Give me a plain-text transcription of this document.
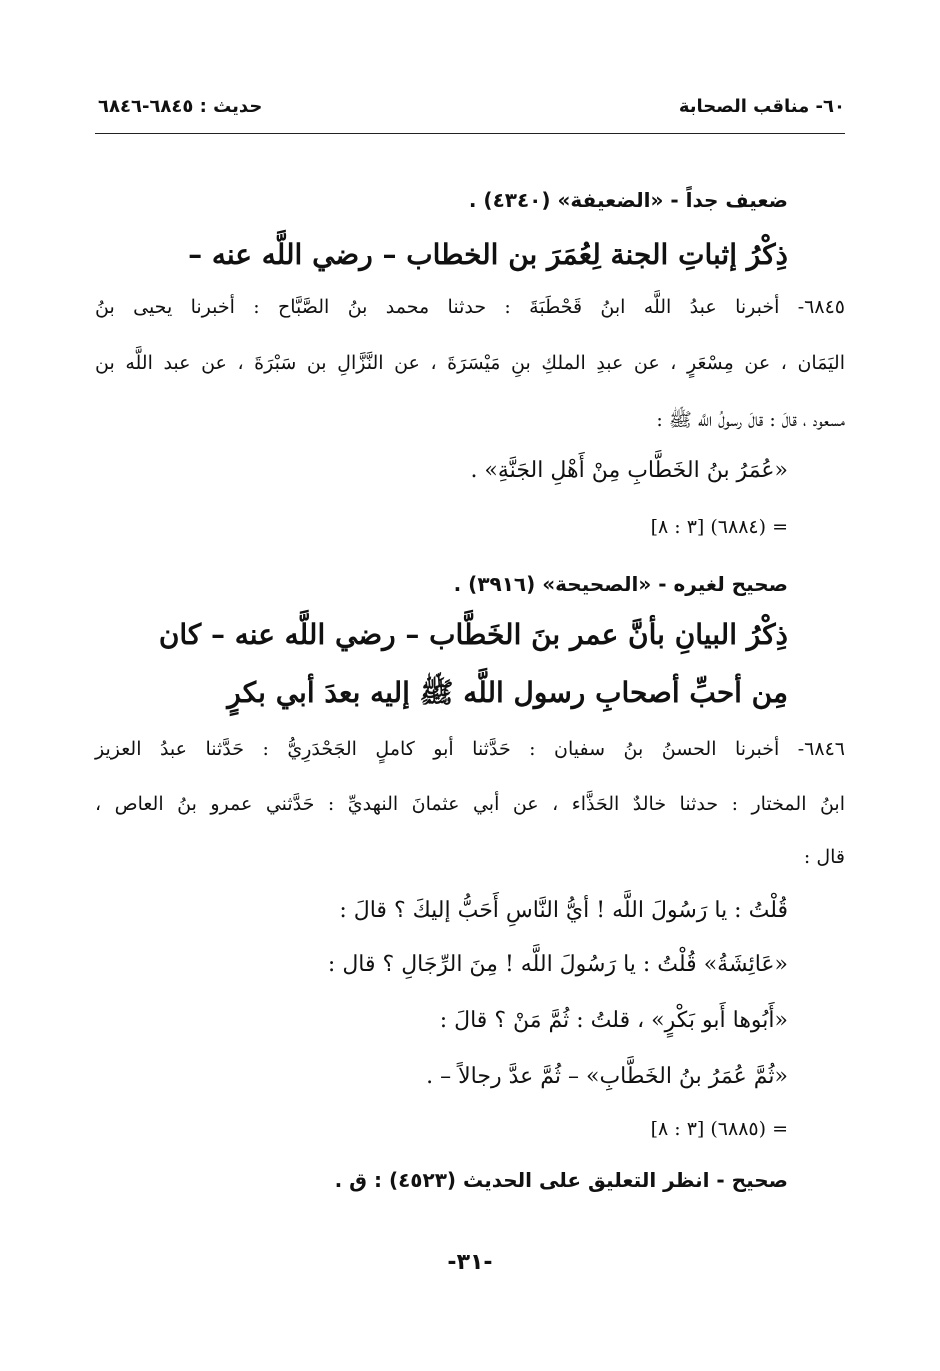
٦٠- مناقب الصحابة
حديث : ٦٨٤٥-٦٨٤٦
ضعيف جداً - «الضعيفة» (٤٣٤٠) .
ذِكْرُ إثباتِ الجنة لِعُمَرَ بن الخطاب – رضي اللَّه عنه –
٦٨٤٥- أخبرنا عبدُ اللَّه ابنُ قَحْطَبَةَ : حدثنا محمد بنُ الصَّبَّاح : أخبرنا يحيى بنُ
اليَمَان ، عن مِسْعَرٍ ، عن عبدِ الملكِ بنِ مَيْسَرَةَ ، عن النَّزَّالِ بن سَبْرَةَ ، عن عبد اللَّه بن
مسعود ، قالَ : قالَ رسولُ اللَّه ﷺ :
«عُمَرُ بنُ الخَطَّابِ مِنْ أَهْلِ الجَنَّةِ» .
= (٦٨٨٤) [٣ : ٨]
صحيح لغيره - «الصحيحة» (٣٩١٦) .
ذِكْرُ البيانِ بأنَّ عمر بنَ الخَطَّاب – رضي اللَّه عنه – كان
مِن أحبِّ أصحابِ رسول اللَّه ﷺ إليه بعدَ أبي بكرٍ
٦٨٤٦- أخبرنا الحسنُ بنُ سفيان : حَدَّثنا أبو كاملٍ الجَحْدَرِيُّ : حَدَّثنا عبدُ العزيز
ابنُ المختار : حدثنا خالدٌ الحَذَّاء ، عن أبي عثمانَ النهديِّ : حَدَّثني عمرو بنُ العاص ،
قال :
قُلْتُ : يا رَسُولَ اللَّه ! أيُّ النَّاسِ أَحَبُّ إليكَ ؟ قالَ :
«عَائِشَةُ» قُلْتُ : يا رَسُولَ اللَّه ! مِنَ الرِّجَالِ ؟ قال :
«أَبُوها أَبو بَكْرٍ» ، قلتُ : ثُمَّ مَنْ ؟ قالَ :
«ثُمَّ عُمَرُ بنُ الخَطَّابِ» – ثُمَّ عدَّ رجالاً – .
= (٦٨٨٥) [٣ : ٨]
صحيح - انظر التعليق على الحديث (٤٥٢٣) : ق .
-٣١-
